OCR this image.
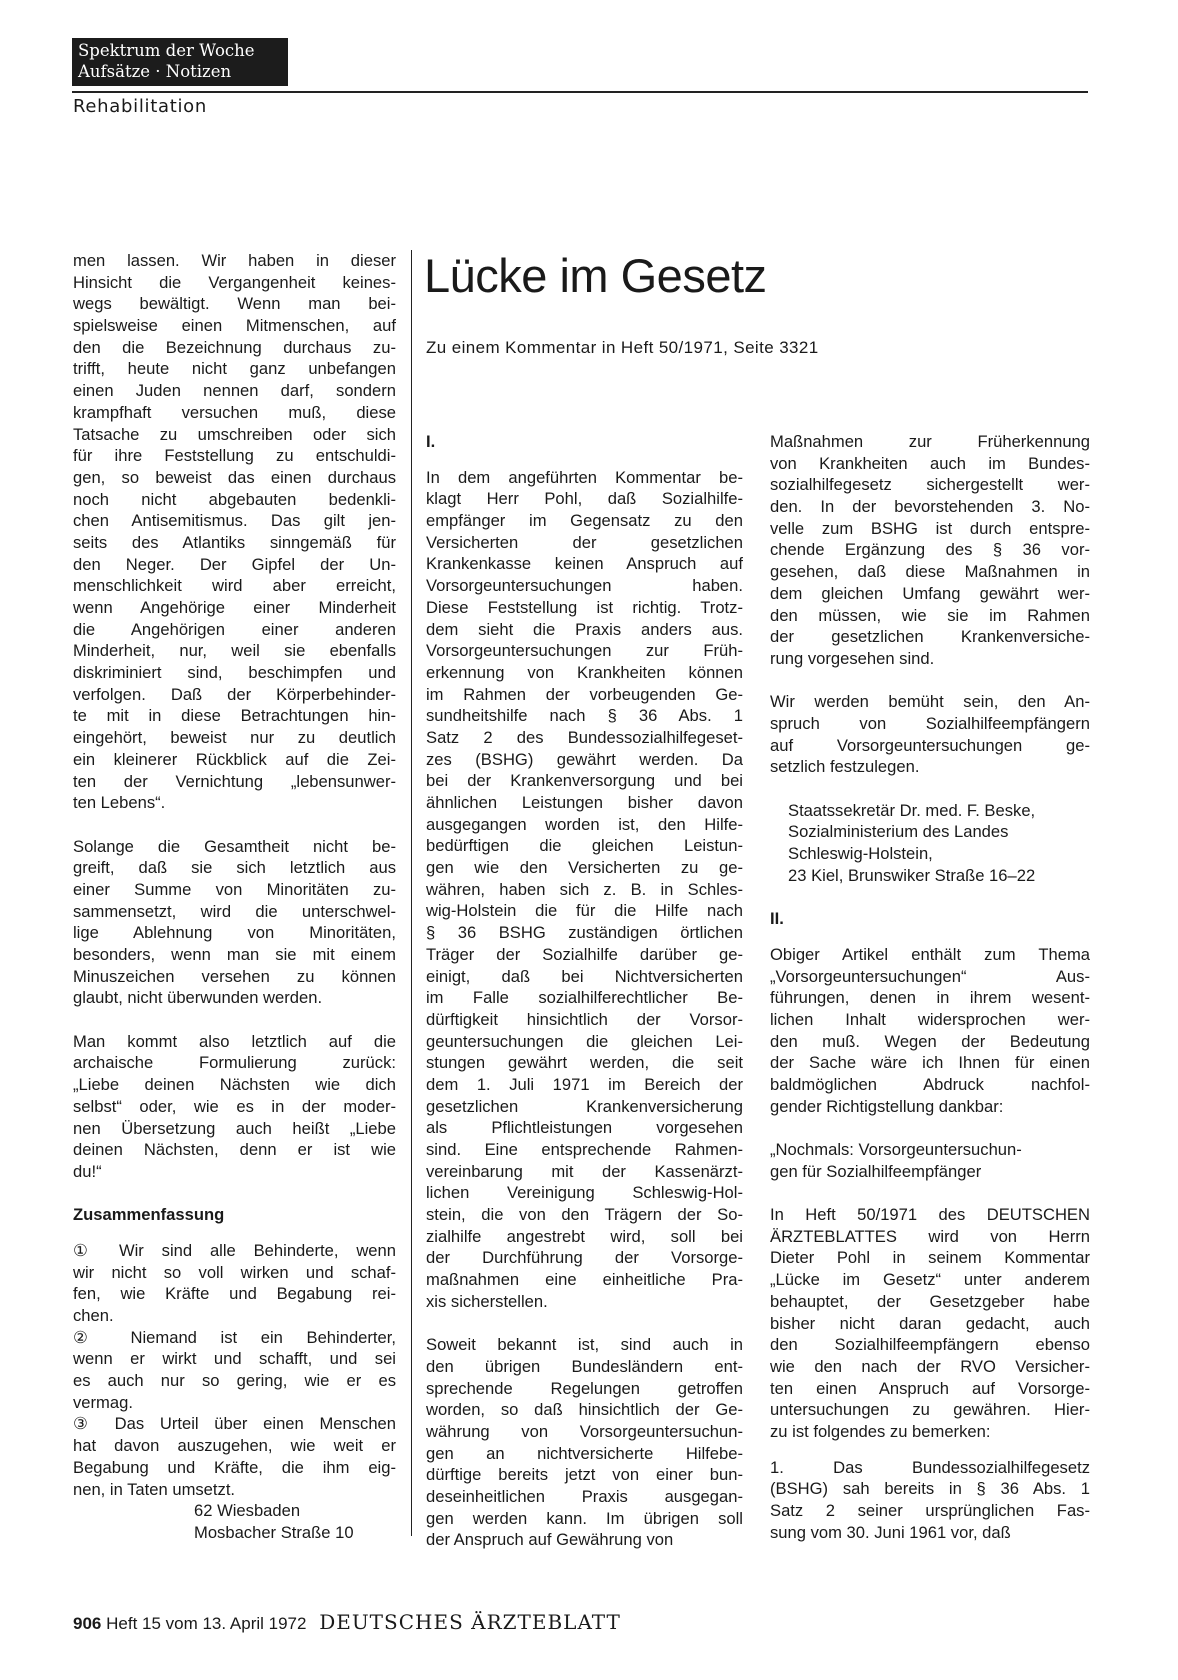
Spektrum der Woche
Aufsätze · Notizen
Rehabilitation
Lücke im Gesetz
Zu einem Kommentar in Heft 50/1971, Seite 3321
men lassen. Wir haben in dieser
Hinsicht die Vergangenheit keines-
wegs bewältigt. Wenn man bei-
spielsweise einen Mitmenschen, auf
den die Bezeichnung durchaus zu-
trifft, heute nicht ganz unbefangen
einen Juden nennen darf, sondern
krampfhaft versuchen muß, diese
Tatsache zu umschreiben oder sich
für ihre Feststellung zu entschuldi-
gen, so beweist das einen durchaus
noch nicht abgebauten bedenkli-
chen Antisemitismus. Das gilt jen-
seits des Atlantiks sinngemäß für
den Neger. Der Gipfel der Un-
menschlichkeit wird aber erreicht,
wenn Angehörige einer Minderheit
die Angehörigen einer anderen
Minderheit, nur, weil sie ebenfalls
diskriminiert sind, beschimpfen und
verfolgen. Daß der Körperbehinder-
te mit in diese Betrachtungen hin-
eingehört, beweist nur zu deutlich
ein kleinerer Rückblick auf die Zei-
ten der Vernichtung „lebensunwer-
ten Lebens“.
Solange die Gesamtheit nicht be-
greift, daß sie sich letztlich aus
einer Summe von Minoritäten zu-
sammensetzt, wird die unterschwel-
lige Ablehnung von Minoritäten,
besonders, wenn man sie mit einem
Minuszeichen versehen zu können
glaubt, nicht überwunden werden.
Man kommt also letztlich auf die
archaische Formulierung zurück:
„Liebe deinen Nächsten wie dich
selbst“ oder, wie es in der moder-
nen Übersetzung auch heißt „Liebe
deinen Nächsten, denn er ist wie
du!“
Zusammenfassung
① Wir sind alle Behinderte, wenn
wir nicht so voll wirken und schaf-
fen, wie Kräfte und Begabung rei-
chen.
② Niemand ist ein Behinderter,
wenn er wirkt und schafft, und sei
es auch nur so gering, wie er es
vermag.
③ Das Urteil über einen Menschen
hat davon auszugehen, wie weit er
Begabung und Kräfte, die ihm eig-
nen, in Taten umsetzt.
62 Wiesbaden
Mosbacher Straße 10
I.
In dem angeführten Kommentar be-
klagt Herr Pohl, daß Sozialhilfe-
empfänger im Gegensatz zu den
Versicherten der gesetzlichen
Krankenkasse keinen Anspruch auf
Vorsorgeuntersuchungen haben.
Diese Feststellung ist richtig. Trotz-
dem sieht die Praxis anders aus.
Vorsorgeuntersuchungen zur Früh-
erkennung von Krankheiten können
im Rahmen der vorbeugenden Ge-
sundheitshilfe nach § 36 Abs. 1
Satz 2 des Bundessozialhilfegeset-
zes (BSHG) gewährt werden. Da
bei der Krankenversorgung und bei
ähnlichen Leistungen bisher davon
ausgegangen worden ist, den Hilfe-
bedürftigen die gleichen Leistun-
gen wie den Versicherten zu ge-
währen, haben sich z. B. in Schles-
wig-Holstein die für die Hilfe nach
§ 36 BSHG zuständigen örtlichen
Träger der Sozialhilfe darüber ge-
einigt, daß bei Nichtversicherten
im Falle sozialhilferechtlicher Be-
dürftigkeit hinsichtlich der Vorsor-
geuntersuchungen die gleichen Lei-
stungen gewährt werden, die seit
dem 1. Juli 1971 im Bereich der
gesetzlichen Krankenversicherung
als Pflichtleistungen vorgesehen
sind. Eine entsprechende Rahmen-
vereinbarung mit der Kassenärzt-
lichen Vereinigung Schleswig-Hol-
stein, die von den Trägern der So-
zialhilfe angestrebt wird, soll bei
der Durchführung der Vorsorge-
maßnahmen eine einheitliche Pra-
xis sicherstellen.
Soweit bekannt ist, sind auch in
den übrigen Bundesländern ent-
sprechende Regelungen getroffen
worden, so daß hinsichtlich der Ge-
währung von Vorsorgeuntersuchun-
gen an nichtversicherte Hilfebe-
dürftige bereits jetzt von einer bun-
deseinheitlichen Praxis ausgegan-
gen werden kann. Im übrigen soll
der Anspruch auf Gewährung von
Maßnahmen zur Früherkennung
von Krankheiten auch im Bundes-
sozialhilfegesetz sichergestellt wer-
den. In der bevorstehenden 3. No-
velle zum BSHG ist durch entspre-
chende Ergänzung des § 36 vor-
gesehen, daß diese Maßnahmen in
dem gleichen Umfang gewährt wer-
den müssen, wie sie im Rahmen
der gesetzlichen Krankenversiche-
rung vorgesehen sind.
Wir werden bemüht sein, den An-
spruch von Sozialhilfeempfängern
auf Vorsorgeuntersuchungen ge-
setzlich festzulegen.
Staatssekretär Dr. med. F. Beske,
Sozialministerium des Landes
Schleswig-Holstein,
23 Kiel, Brunswiker Straße 16–22
II.
Obiger Artikel enthält zum Thema
„Vorsorgeuntersuchungen“ Aus-
führungen, denen in ihrem wesent-
lichen Inhalt widersprochen wer-
den muß. Wegen der Bedeutung
der Sache wäre ich Ihnen für einen
baldmöglichen Abdruck nachfol-
gender Richtigstellung dankbar:
„Nochmals: Vorsorgeuntersuchun-
gen für Sozialhilfeempfänger
In Heft 50/1971 des DEUTSCHEN
ÄRZTEBLATTES wird von Herrn
Dieter Pohl in seinem Kommentar
„Lücke im Gesetz“ unter anderem
behauptet, der Gesetzgeber habe
bisher nicht daran gedacht, auch
den Sozialhilfeempfängern ebenso
wie den nach der RVO Versicher-
ten einen Anspruch auf Vorsorge-
untersuchungen zu gewähren. Hier-
zu ist folgendes zu bemerken:
1. Das Bundessozialhilfegesetz
(BSHG) sah bereits in § 36 Abs. 1
Satz 2 seiner ursprünglichen Fas-
sung vom 30. Juni 1961 vor, daß
906 Heft 15 vom 13. April 1972 DEUTSCHES ÄRZTEBLATT
